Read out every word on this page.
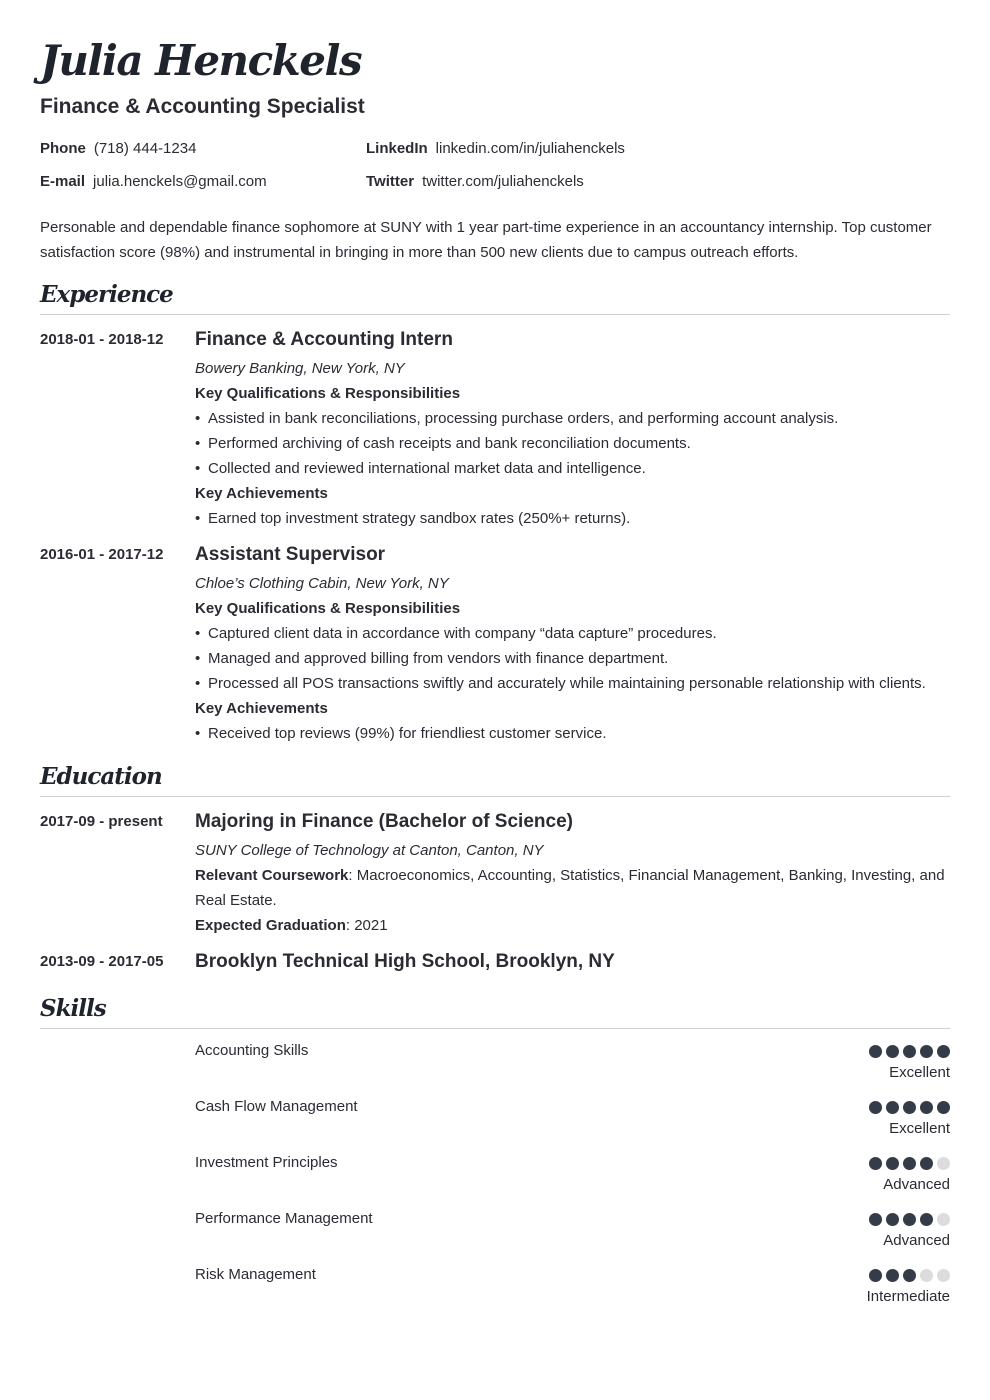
Julia Henckels
Finance & Accounting Specialist
Phone (718) 444-1234
E-mail julia.henckels@gmail.com
LinkedIn linkedin.com/in/juliahenckels
Twitter twitter.com/juliahenckels

Personable and dependable finance sophomore at SUNY with 1 year part-time experience in an accountancy internship. Top customer satisfaction score (98%) and instrumental in bringing in more than 500 new clients due to campus outreach efforts.

Experience
2018-01 - 2018-12	Finance & Accounting Intern
Bowery Banking, New York, NY
Key Qualifications & Responsibilities
• Assisted in bank reconciliations, processing purchase orders, and performing account analysis.
• Performed archiving of cash receipts and bank reconciliation documents.
• Collected and reviewed international market data and intelligence.
Key Achievements
• Earned top investment strategy sandbox rates (250%+ returns).
2016-01 - 2017-12	Assistant Supervisor
Chloe’s Clothing Cabin, New York, NY
Key Qualifications & Responsibilities
• Captured client data in accordance with company “data capture” procedures.
• Managed and approved billing from vendors with finance department.
• Processed all POS transactions swiftly and accurately while maintaining personable relationship with clients.
Key Achievements
• Received top reviews (99%) for friendliest customer service.
Education
2017-09 - present	Majoring in Finance (Bachelor of Science)
SUNY College of Technology at Canton, Canton, NY
Relevant Coursework: Macroeconomics, Accounting, Statistics, Financial Management, Banking, Investing, and Real Estate.
Expected Graduation: 2021
2013-09 - 2017-05	Brooklyn Technical High School, Brooklyn, NY
Skills
Accounting Skills
Excellent
Cash Flow Management
Excellent
Investment Principles
Advanced
Performance Management
Advanced
Risk Management
Intermediate
